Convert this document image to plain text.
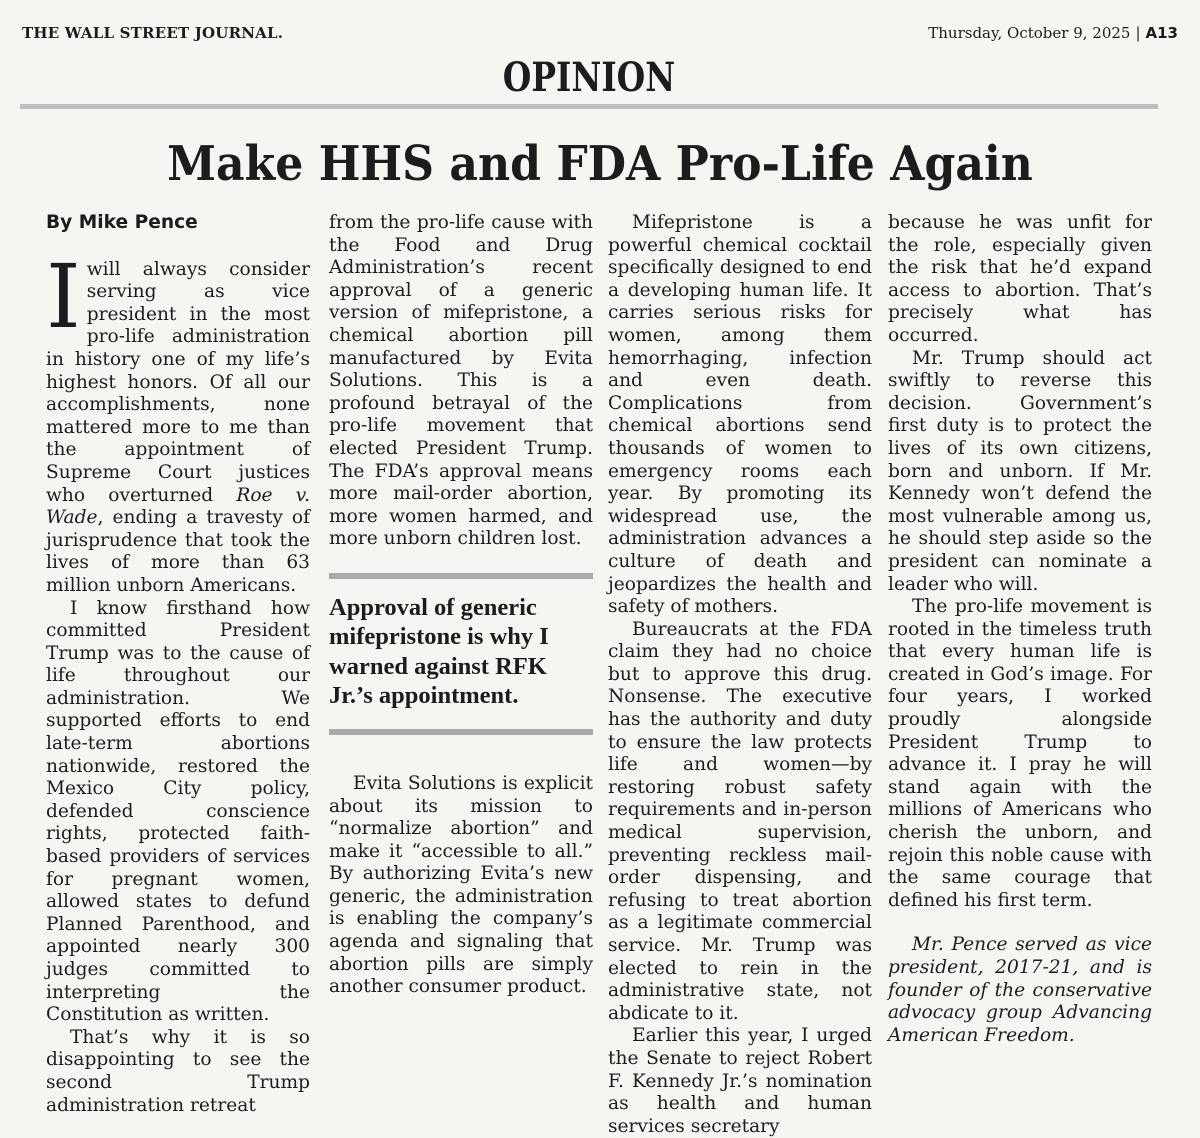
THE WALL STREET JOURNAL.	Thursday, October 9, 2025 | A13
OPINION
Make HHS and FDA Pro-Life Again
By Mike Pence

Iwill always consider serving as vice president in the most pro-life administration in history one of my life’s highest honors. Of all our accomplishments, none mattered more to me than the appointment of Supreme Court justices who overturned Roe v. Wade, ending a travesty of jurisprudence that took the lives of more than 63 million unborn Americans.

I know firsthand how committed President Trump was to the cause of life throughout our administration. We supported efforts to end late-term abortions nationwide, restored the Mexico City policy, defended conscience rights, protected faith-based providers of services for pregnant women, allowed states to defund Planned Parenthood, and appointed nearly 300 judges committed to interpreting the Constitution as written.

That’s why it is so disappointing to see the second Trump administration retreat

from the pro-life cause with the Food and Drug Administration’s recent approval of a generic version of mifepristone, a chemical abortion pill manufactured by Evita Solutions. This is a profound betrayal of the pro-life movement that elected President Trump. The FDA’s approval means more mail-order abortion, more women harmed, and more unborn children lost.

Approval of generic mifepristone is why I warned against RFK Jr.’s appointment.

Evita Solutions is explicit about its mission to “normalize abortion” and make it “accessible to all.” By authorizing Evita’s new generic, the administration is enabling the company’s agenda and signaling that abortion pills are simply another consumer product.

Mifepristone is a powerful chemical cocktail specifically designed to end a developing human life. It carries serious risks for women, among them hemorrhaging, infection and even death. Complications from chemical abortions send thousands of women to emergency rooms each year. By promoting its widespread use, the administration advances a culture of death and jeopardizes the health and safety of mothers.

Bureaucrats at the FDA claim they had no choice but to approve this drug. Nonsense. The executive has the authority and duty to ensure the law protects life and women—by restoring robust safety requirements and in-person medical supervision, preventing reckless mail-order dispensing, and refusing to treat abortion as a legitimate commercial service. Mr. Trump was elected to rein in the administrative state, not abdicate to it.

Earlier this year, I urged the Senate to reject Robert F. Kennedy Jr.’s nomination as health and human services secretary

because he was unfit for the role, especially given the risk that he’d expand access to abortion. That’s precisely what has occurred.

Mr. Trump should act swiftly to reverse this decision. Government’s first duty is to protect the lives of its own citizens, born and unborn. If Mr. Kennedy won’t defend the most vulnerable among us, he should step aside so the president can nominate a leader who will.

The pro-life movement is rooted in the timeless truth that every human life is created in God’s image. For four years, I worked proudly alongside President Trump to advance it. I pray he will stand again with the millions of Americans who cherish the unborn, and rejoin this noble cause with the same courage that defined his first term.

Mr. Pence served as vice president, 2017-21, and is founder of the conservative advocacy group Advancing American Freedom.
